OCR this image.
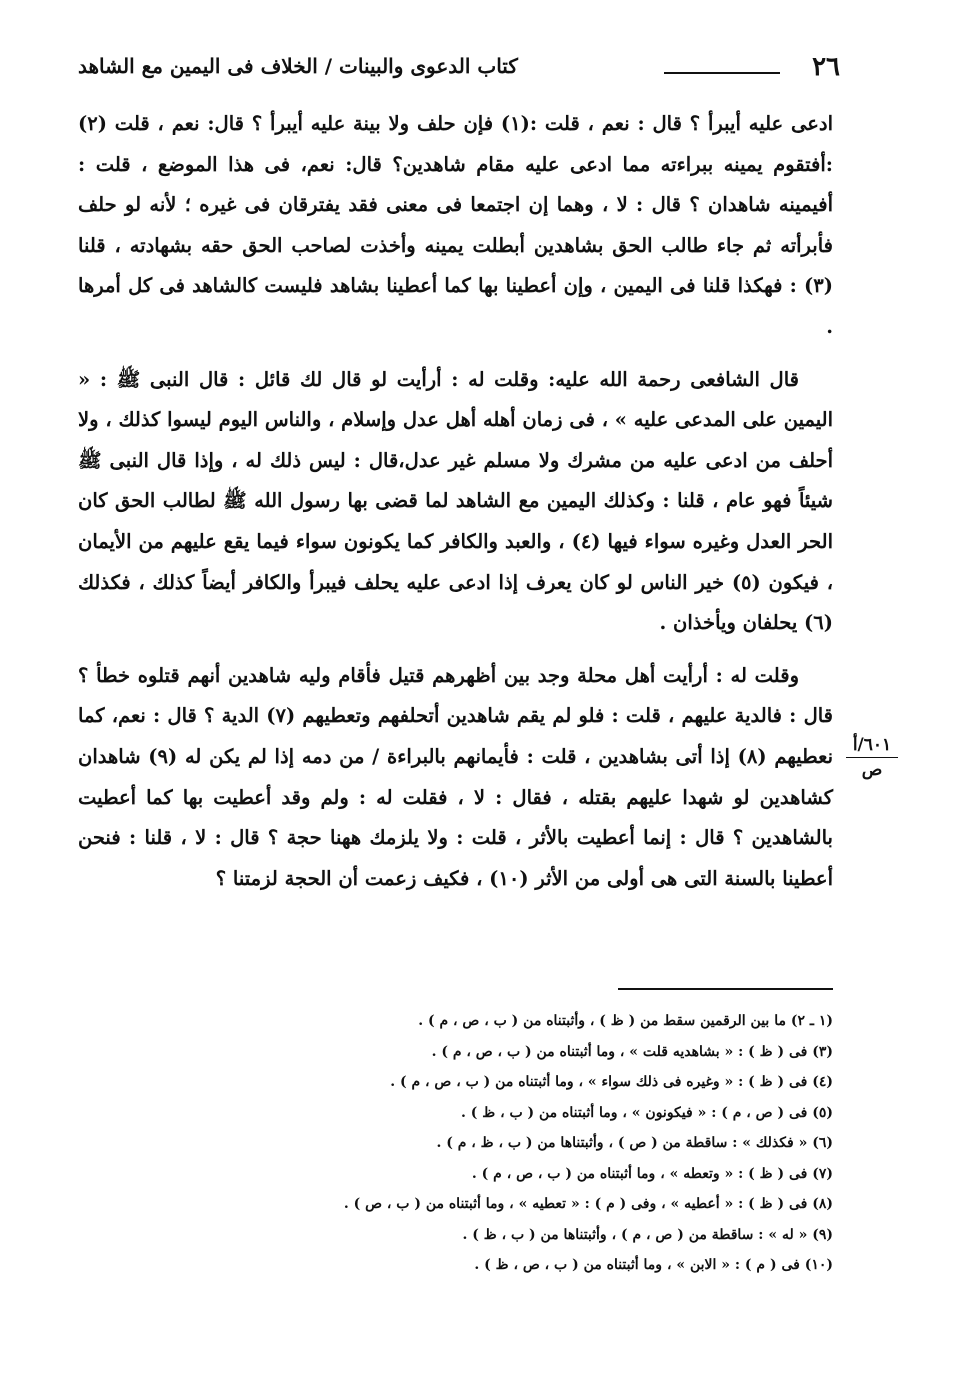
٢٦
كتاب الدعوى والبينات / الخلاف فى اليمين مع الشاهد

ادعى عليه أيبرأ ؟ قال : نعم ، قلت :(١) فإن حلف ولا بينة عليه أيبرأ ؟ قال: نعم ، قلت (٢) :أفتقوم يمينه ببراءته مما ادعى عليه مقام شاهدين؟ قال: نعم، فى هذا الموضع ، قلت : أفيمينه شاهدان ؟ قال : لا ، وهما إن اجتمعا فى معنى فقد يفترقان فى غيره ؛ لأنه لو حلف فأبرأته ثم جاء طالب الحق بشاهدين أبطلت يمينه وأخذت لصاحب الحق حقه بشهادته ، قلنا (٣) : فهكذا قلنا فى اليمين ، وإن أعطينا بها كما أعطينا بشاهد فليست كالشاهد فى كل أمرها .

قال الشافعى رحمة الله عليه: وقلت له : أرأيت لو قال لك قائل : قال النبى ﷺ : « اليمين على المدعى عليه » ، فى زمان أهله أهل عدل وإسلام ، والناس اليوم ليسوا كذلك ، ولا أحلف من ادعى عليه من مشرك ولا مسلم غير عدل،قال : ليس ذلك له ، وإذا قال النبى ﷺ شيئاً فهو عام ، قلنا : وكذلك اليمين مع الشاهد لما قضى بها رسول الله ﷺ لطالب الحق كان الحر العدل وغيره سواء فيها (٤) ، والعبد والكافر كما يكونون سواء فيما يقع عليهم من الأيمان ، فيكون (٥) خير الناس لو كان يعرف إذا ادعى عليه يحلف فيبرأ والكافر أيضاً كذلك ، فكذلك (٦) يحلفان ويأخذان .

وقلت له : أرأيت أهل محلة وجد بين أظهرهم قتيل فأقام وليه شاهدين أنهم قتلوه خطأ ؟ قال : فالدية عليهم ، قلت : فلو لم يقم شاهدين أتحلفهم وتعطيهم (٧) الدية ؟ قال : نعم، كما نعطيهم (٨) إذا أتى بشاهدين ، قلت : فأيمانهم بالبراءة / من دمه إذا لم يكن له (٩) شاهدان كشاهدين لو شهدا عليهم بقتله ، فقال : لا ، فقلت له : ولم وقد أعطيت بها كما أعطيت بالشاهدين ؟ قال : إنما أعطيت بالأثر ، قلت : ولا يلزمك ههنا حجة ؟ قال : لا ، قلنا : فنحن أعطينا بالسنة التى هى أولى من الأثر (١٠) ، فكيف زعمت أن الحجة لزمتنا ؟

٦٠١/أ
ص
(١ ـ ٢) ما بين الرقمين سقط من ( ظ ) ، وأثبتناه من ( ب ، ص ، م ) .
(٣) فى ( ظ ) : « بشاهديه قلت » ، وما أثبتناه من ( ب ، ص ، م ) .
(٤) فى ( ظ ) : « وغيره فى ذلك سواء » ، وما أثبتناه من ( ب ، ص ، م ) .
(٥) فى ( ص ، م ) : « فيكونون » ، وما أثبتناه من ( ب ، ظ ) .
(٦) « فكذلك » : ساقطة من ( ص ) ، وأثبتناها من ( ب ، ظ ، م ) .
(٧) فى ( ظ ) : « وتعطه » ، وما أثبتناه من ( ب ، ص ، م ) .
(٨) فى ( ظ ) : « أعطيه » ، وفى ( م ) : « تعطيه » ، وما أثبتناه من ( ب ، ص ) .
(٩) « له » : ساقطة من ( ص ، م ) ، وأثبتناها من ( ب ، ظ ) .
(١٠) فى ( م ) : « الابن » ، وما أثبتناه من ( ب ، ص ، ظ ) .
